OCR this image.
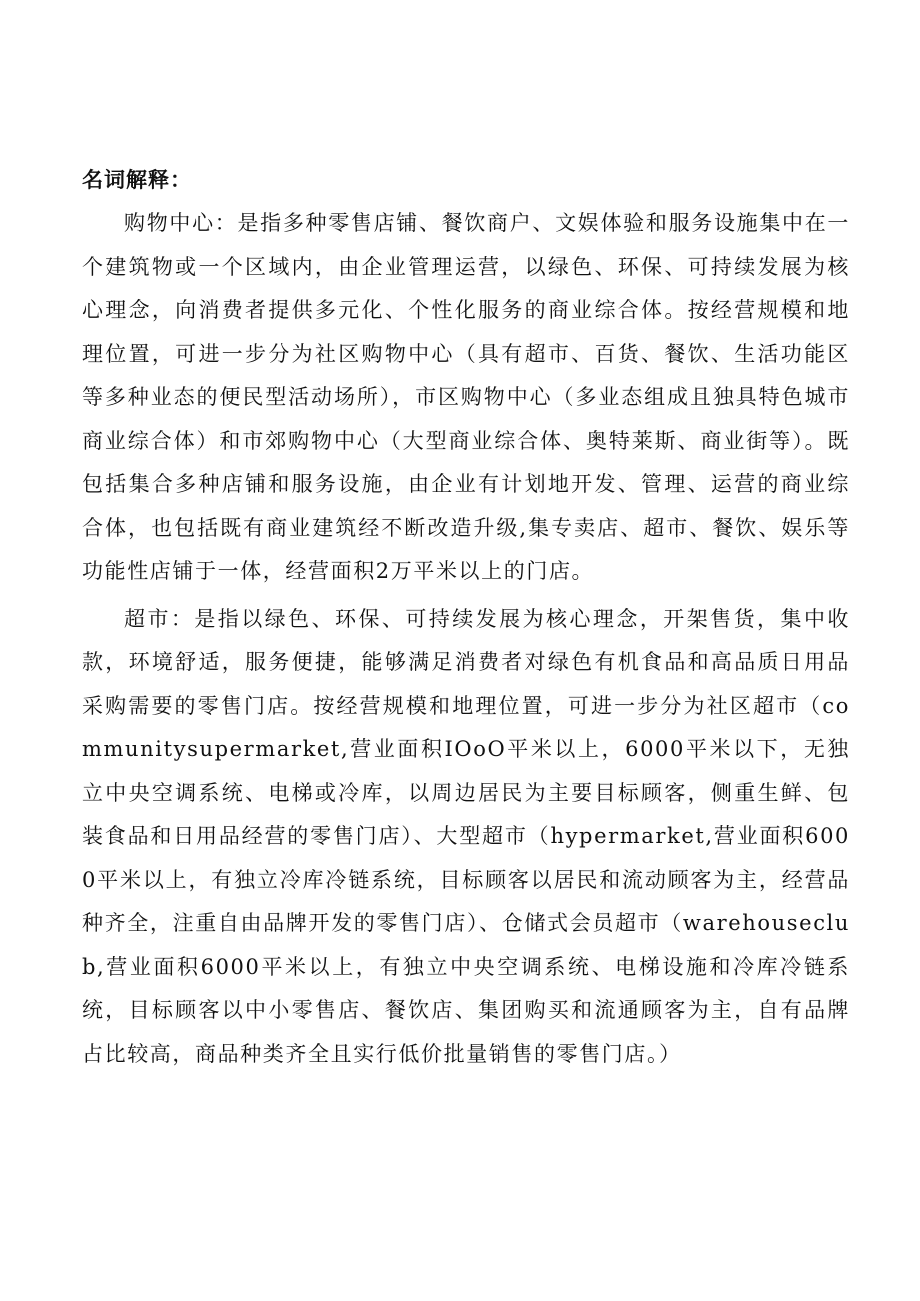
名词解释：

购物中心：是指多种零售店铺、餐饮商户、文娱体验和服务设施集中在一个建筑物或一个区域内，由企业管理运营，以绿色、环保、可持续发展为核心理念，向消费者提供多元化、个性化服务的商业综合体。按经营规模和地理位置，可进一步分为社区购物中心（具有超市、百货、餐饮、生活功能区等多种业态的便民型活动场所），市区购物中心（多业态组成且独具特色城市商业综合体）和市郊购物中心（大型商业综合体、奥特莱斯、商业街等）。既包括集合多种店铺和服务设施，由企业有计划地开发、管理、运营的商业综合体，也包括既有商业建筑经不断改造升级,集专卖店、超市、餐饮、娱乐等功能性店铺于一体，经营面积2万平米以上的门店。

超市：是指以绿色、环保、可持续发展为核心理念，开架售货，集中收款，环境舒适，服务便捷，能够满足消费者对绿色有机食品和高品质日用品采购需要的零售门店。按经营规模和地理位置，可进一步分为社区超市（communitysupermarket,营业面积IOoO平米以上，6000平米以下，无独立中央空调系统、电梯或冷库，以周边居民为主要目标顾客，侧重生鲜、包装食品和日用品经营的零售门店）、大型超市（hypermarket,营业面积6000平米以上，有独立冷库冷链系统，目标顾客以居民和流动顾客为主，经营品种齐全，注重自由品牌开发的零售门店）、仓储式会员超市（warehouseclub,营业面积6000平米以上，有独立中央空调系统、电梯设施和冷库冷链系统，目标顾客以中小零售店、餐饮店、集团购买和流通顾客为主，自有品牌占比较高，商品种类齐全且实行低价批量销售的零售门店。）
